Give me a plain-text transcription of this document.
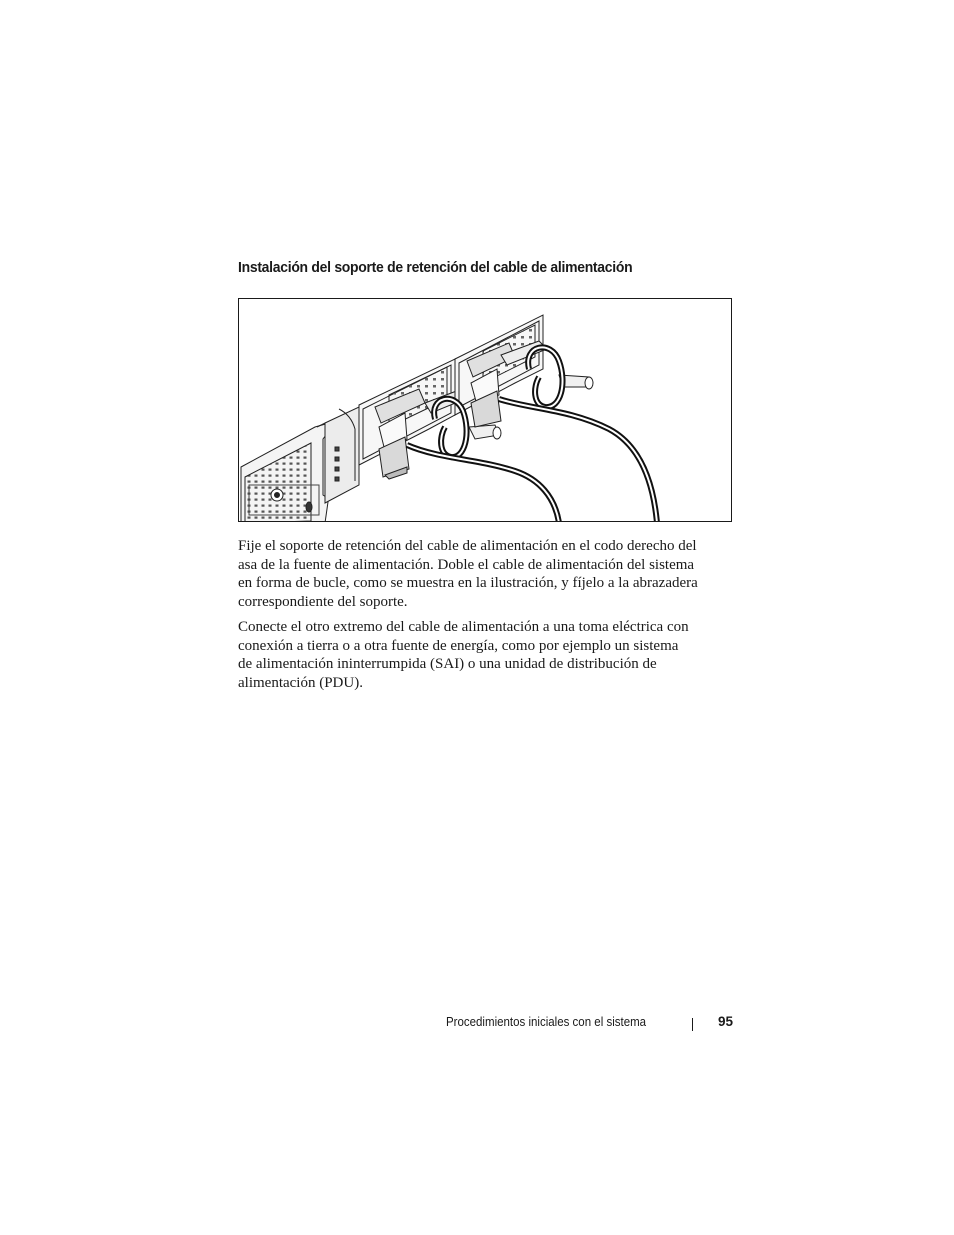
Instalación del soporte de retención del cable de alimentación

Fije el soporte de retención del cable de alimentación en el codo derecho del
asa de la fuente de alimentación. Doble el cable de alimentación del sistema
en forma de bucle, como se muestra en la ilustración, y fíjelo a la abrazadera
correspondiente del soporte.

Conecte el otro extremo del cable de alimentación a una toma eléctrica con
conexión a tierra o a otra fuente de energía, como por ejemplo un sistema
de alimentación ininterrumpida (SAI) o una unidad de distribución de
alimentación (PDU).

Procedimientos iniciales con el sistema	95
